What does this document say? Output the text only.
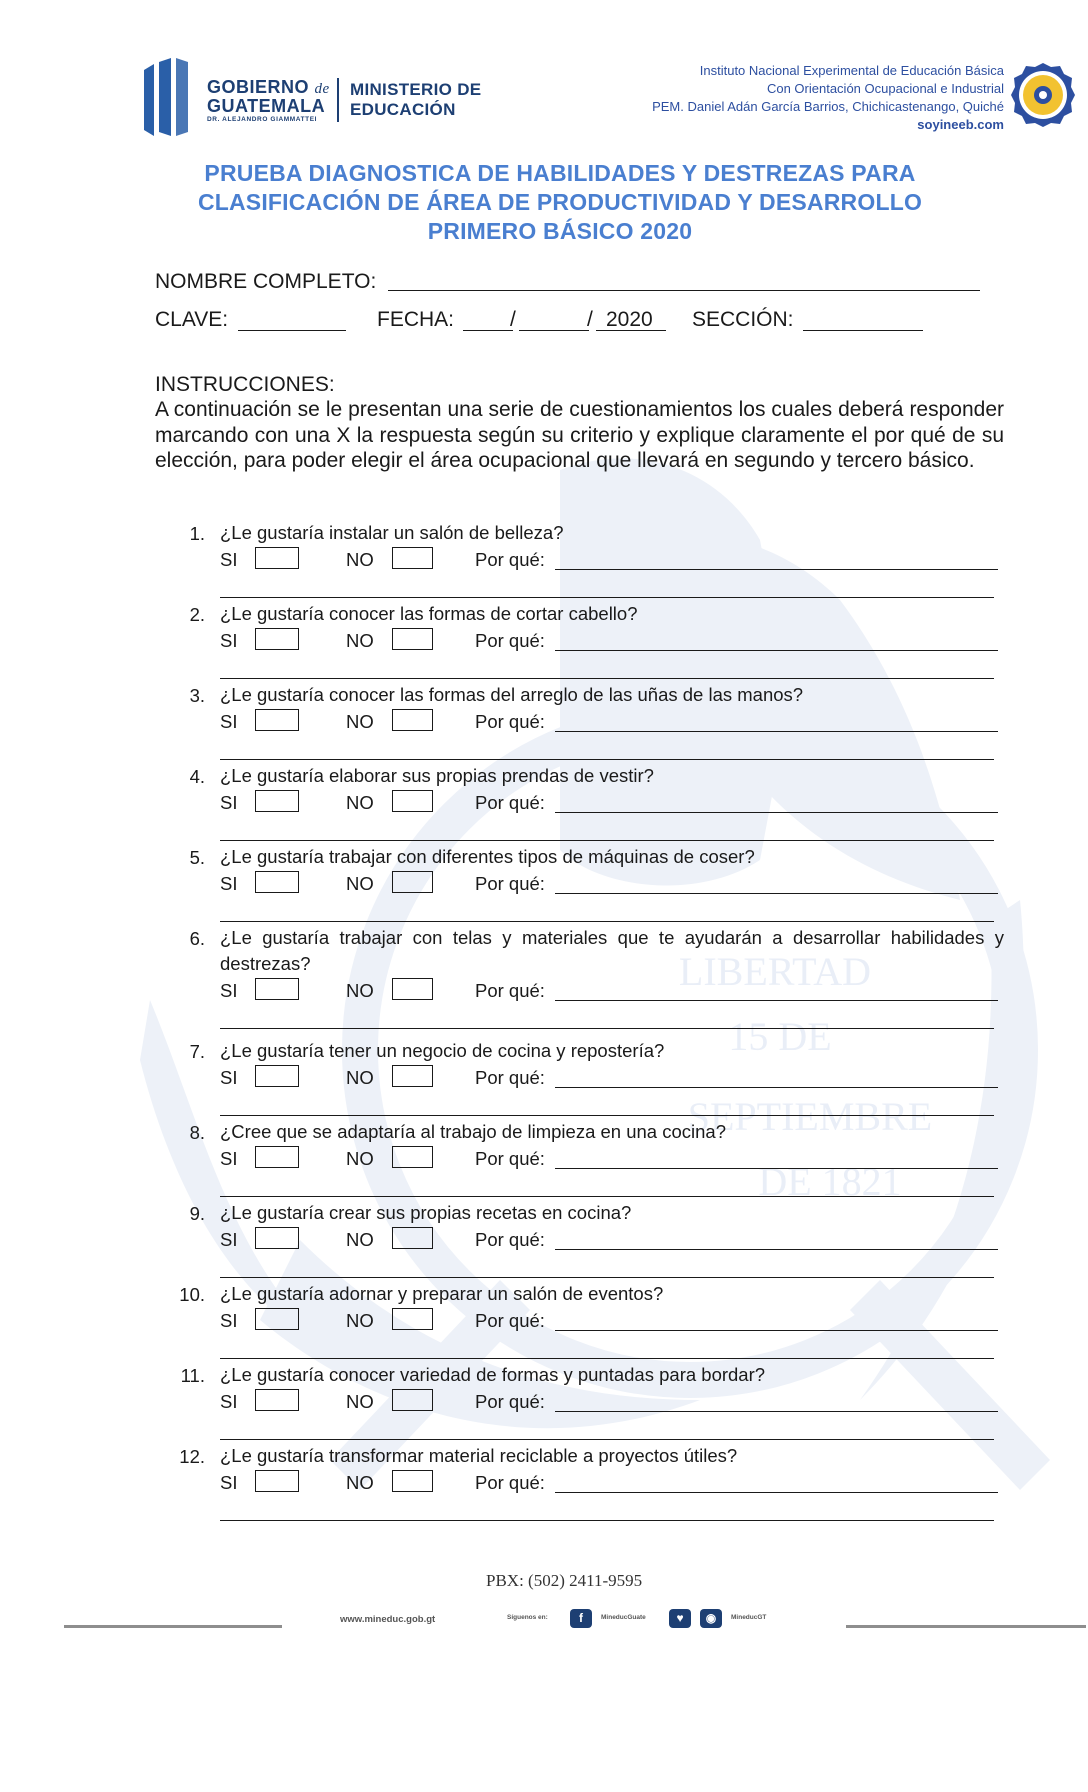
LIBERTAD
15 DE
SEPTIEMBRE
DE 1821
GOBIERNO de
GUATEMALA
DR. ALEJANDRO GIAMMATTEI
MINISTERIO DE
EDUCACIÓN
Instituto Nacional Experimental de Educación Básica
Con Orientación Ocupacional e Industrial
PEM. Daniel Adán García Barrios, Chichicastenango, Quiché
soyineeb.com
PRUEBA DIAGNOSTICA DE HABILIDADES Y DESTREZAS PARA
CLASIFICACIÓN DE ÁREA DE PRODUCTIVIDAD Y DESARROLLO
PRIMERO BÁSICO 2020
NOMBRE COMPLETO:
CLAVE:	FECHA:	/	/ 2020 SECCIÓN:
INSTRUCCIONES:
A continuación se le presentan una serie de cuestionamientos los cuales deberá responder marcando con una X la respuesta según su criterio y explique claramente el por qué de su elección, para poder elegir el área ocupacional que llevará en segundo y tercero básico.
1. ¿Le gustaría instalar un salón de belleza?
SI	NO	Por qué:
2. ¿Le gustaría conocer las formas de cortar cabello?
SI	NO	Por qué:
3. ¿Le gustaría conocer las formas del arreglo de las uñas de las manos?
SI	NO	Por qué:
4. ¿Le gustaría elaborar sus propias prendas de vestir?
SI	NO	Por qué:
5. ¿Le gustaría trabajar con diferentes tipos de máquinas de coser?
SI	NO	Por qué:
6. ¿Le gustaría trabajar con telas y materiales que te ayudarán a desarrollar habilidades y destrezas?
SI	NO	Por qué:
7. ¿Le gustaría tener un negocio de cocina y repostería?
SI	NO	Por qué:
8. ¿Cree que se adaptaría al trabajo de limpieza en una cocina?
SI	NO	Por qué:
9. ¿Le gustaría crear sus propias recetas en cocina?
SI	NO	Por qué:
10. ¿Le gustaría adornar y preparar un salón de eventos?
SI	NO	Por qué:
11. ¿Le gustaría conocer variedad de formas y puntadas para bordar?
SI	NO	Por qué:
12. ¿Le gustaría transformar material reciclable a proyectos útiles?
SI	NO	Por qué:
PBX: (502) 2411-9595
www.mineduc.gob.gt	Síguenos en:	f	MineducGuate	♥	◉	MineducGT
